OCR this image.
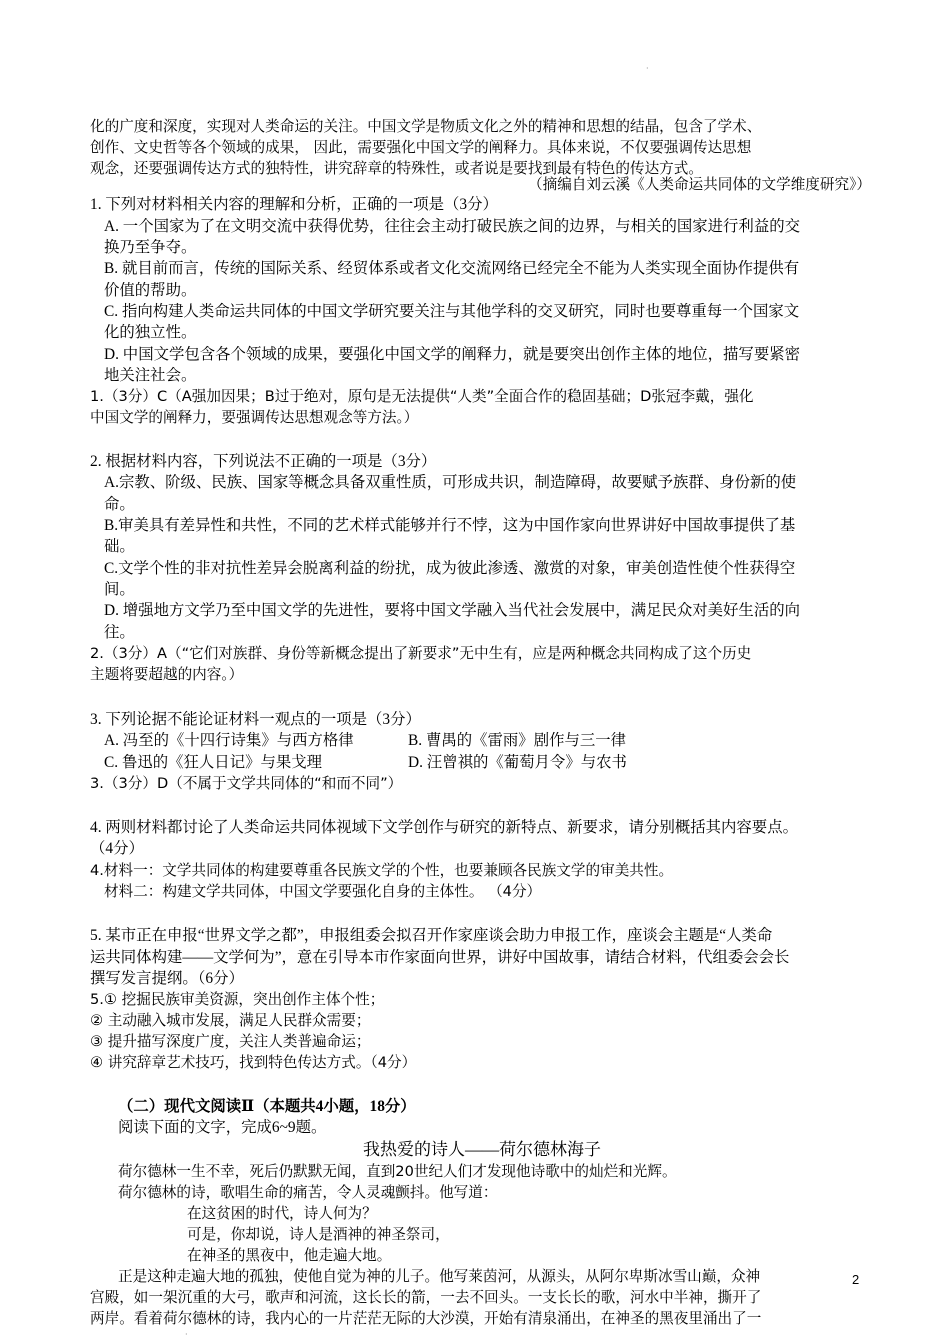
·
化的广度和深度，实现对人类命运的关注。中国文学是物质文化之外的精神和思想的结晶，包含了学术、
创作、文史哲等各个领域的成果， 因此，需要强化中国文学的阐释力。具体来说，不仅要强调传达思想
观念，还要强调传达方式的独特性，讲究辞章的特殊性，或者说是要找到最有特色的传达方式。
（摘编自刘云溪《人类命运共同体的文学维度研究》）
1. 下列对材料相关内容的理解和分析，正确的一项是（3分）
A. 一个国家为了在文明交流中获得优势，往往会主动打破民族之间的边界，与相关的国家进行利益的交
换乃至争夺。
B. 就目前而言，传统的国际关系、经贸体系或者文化交流网络已经完全不能为人类实现全面协作提供有
价值的帮助。
C. 指向构建人类命运共同体的中国文学研究要关注与其他学科的交叉研究，同时也要尊重每一个国家文
化的独立性。
D. 中国文学包含各个领域的成果，要强化中国文学的阐释力，就是要突出创作主体的地位，描写要紧密
地关注社会。
1.（3分）C（A强加因果；B过于绝对，原句是无法提供“人类”全面合作的稳固基础；D张冠李戴，强化
中国文学的阐释力，要强调传达思想观念等方法。）
2. 根据材料内容，下列说法不正确的一项是（3分）
A.宗教、阶级、民族、国家等概念具备双重性质，可形成共识，制造障碍，故要赋予族群、身份新的使
命。
B.审美具有差异性和共性，不同的艺术样式能够并行不悖，这为中国作家向世界讲好中国故事提供了基
础。
C.文学个性的非对抗性差异会脱离利益的纷扰，成为彼此渗透、激赏的对象，审美创造性使个性获得空
间。
D. 增强地方文学乃至中国文学的先进性，要将中国文学融入当代社会发展中，满足民众对美好生活的向
往。
2.（3分）A（“它们对族群、身份等新概念提出了新要求”无中生有，应是两种概念共同构成了这个历史
主题将要超越的内容。）
3. 下列论据不能论证材料一观点的一项是（3分）
A. 冯至的《十四行诗集》与西方格律	B. 曹禺的《雷雨》剧作与三一律
C. 鲁迅的《狂人日记》与果戈理	D. 汪曾祺的《葡萄月令》与农书
3.（3分）D（不属于文学共同体的“和而不同”）
4. 两则材料都讨论了人类命运共同体视域下文学创作与研究的新特点、新要求，请分别概括其内容要点。
（4分）
4.材料一：文学共同体的构建要尊重各民族文学的个性，也要兼顾各民族文学的审美共性。
材料二：构建文学共同体，中国文学要强化自身的主体性。 （4分）
5. 某市正在申报“世界文学之都”，申报组委会拟召开作家座谈会助力申报工作，座谈会主题是“人类命
运共同体构建——文学何为”，意在引导本市作家面向世界，讲好中国故事，请结合材料，代组委会会长
撰写发言提纲。（6分）
5.① 挖掘民族审美资源，突出创作主体个性；
② 主动融入城市发展，满足人民群众需要；
③ 提升描写深度广度，关注人类普遍命运；
④ 讲究辞章艺术技巧，找到特色传达方式。（4分）
（二）现代文阅读Ⅱ（本题共4小题，18分）
阅读下面的文字，完成6~9题。
我热爱的诗人——荷尔德林海子
荷尔德林一生不幸，死后仍默默无闻，直到20世纪人们才发现他诗歌中的灿烂和光辉。
荷尔德林的诗，歌唱生命的痛苦，令人灵魂颤抖。他写道：
在这贫困的时代，诗人何为？
可是，你却说，诗人是酒神的神圣祭司，
在神圣的黑夜中，他走遍大地。
正是这种走遍大地的孤独，使他自觉为神的儿子。他写莱茵河，从源头，从阿尔卑斯冰雪山巅，众神
宫殿，如一架沉重的大弓，歌声和河流，这长长的箭，一去不回头。一支长长的歌，河水中半神，撕开了
两岸。看着荷尔德林的诗，我内心的一片茫茫无际的大沙漠，开始有清泉涌出，在神圣的黑夜里涌出了一
·
2
